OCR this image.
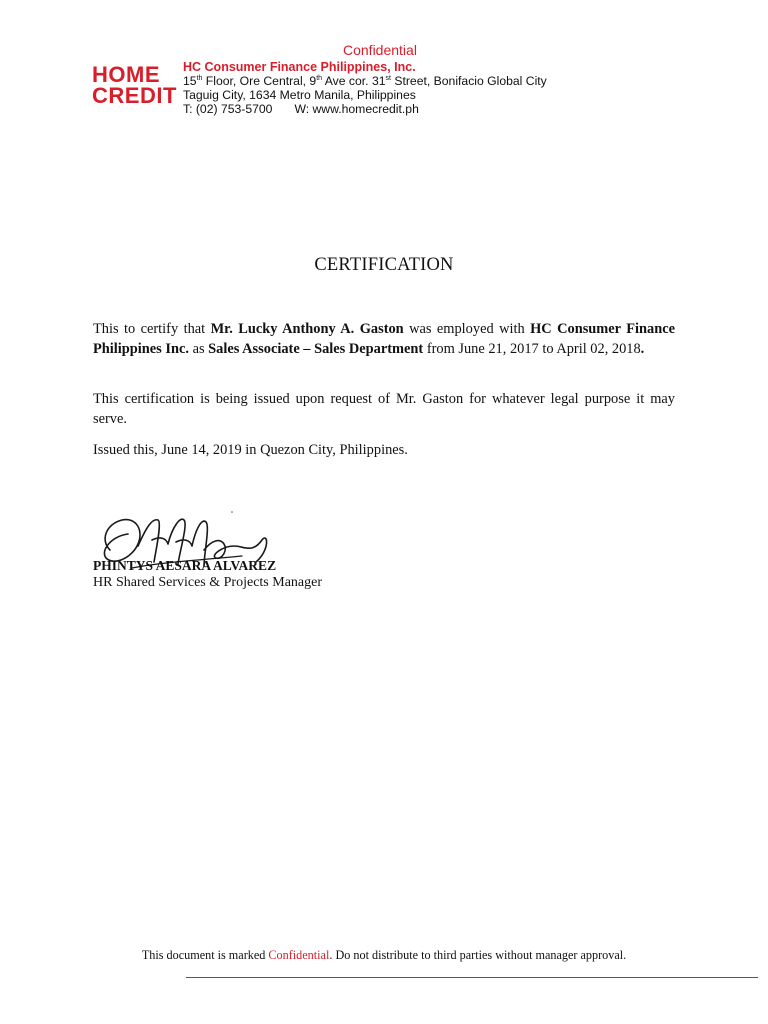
Confidential
HOME
CREDIT
HC Consumer Finance Philippines, Inc.
15th Floor, Ore Central, 9th Ave cor. 31st Street, Bonifacio Global City
Taguig City, 1634 Metro Manila, Philippines
T: (02) 753-5700 W: www.homecredit.ph
CERTIFICATION
This to certify that Mr. Lucky Anthony A. Gaston was employed with HC Consumer Finance Philippines Inc. as Sales Associate – Sales Department from June 21, 2017 to April 02, 2018.
This certification is being issued upon request of Mr. Gaston for whatever legal purpose it may serve.
Issued this, June 14, 2019 in Quezon City, Philippines.
PHINTYS AESARA ALVAREZ
HR Shared Services & Projects Manager
This document is marked Confidential. Do not distribute to third parties without manager approval.
